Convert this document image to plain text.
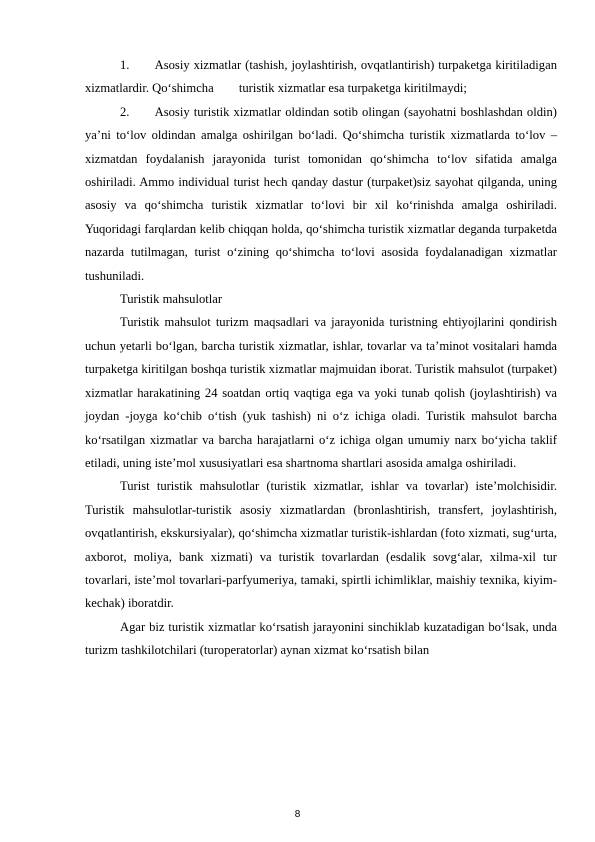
1.  Asosiy xizmatlar (tashish, joylashtirish, ovqatlantirish) turpaketga kiritiladigan xizmatlardir. Qo‘shimcha  turistik xizmatlar esa turpaketga kiritilmaydi;

2.  Asosiy turistik xizmatlar oldindan sotib olingan (sayohatni boshlashdan oldin) ya’ni to‘lov oldindan amalga oshirilgan bo‘ladi. Qo‘shimcha turistik xizmatlarda to‘lov – xizmatdan foydalanish jarayonida turist tomonidan qo‘shimcha to‘lov sifatida amalga oshiriladi. Ammo individual turist hech qanday dastur (turpaket)siz sayohat qilganda, uning asosiy va qo‘shimcha turistik xizmatlar to‘lovi bir xil ko‘rinishda amalga oshiriladi. Yuqoridagi farqlardan kelib chiqqan holda, qo‘shimcha turistik xizmatlar deganda turpaketda nazarda tutilmagan, turist o‘zining qo‘shimcha to‘lovi asosida foydalanadigan xizmatlar tushuniladi.

Turistik mahsulotlar

Turistik mahsulot turizm maqsadlari va jarayonida turistning ehtiyojlarini qondirish uchun yetarli bo‘lgan, barcha turistik xizmatlar, ishlar, tovarlar va ta’minot vositalari hamda turpaketga kiritilgan boshqa turistik xizmatlar majmuidan iborat. Turistik mahsulot (turpaket) xizmatlar harakatining 24 soatdan ortiq vaqtiga ega va yoki tunab qolish (joylashtirish) va joydan -joyga ko‘chib o‘tish (yuk tashish) ni o‘z ichiga oladi. Turistik mahsulot barcha ko‘rsatilgan xizmatlar va barcha harajatlarni o‘z ichiga olgan umumiy narx bo‘yicha taklif etiladi, uning iste’mol xususiyatlari esa shartnoma shartlari asosida amalga oshiriladi.

Turist turistik mahsulotlar (turistik xizmatlar, ishlar va tovarlar) iste’molchisidir. Turistik mahsulotlar-turistik asosiy xizmatlardan (bronlashtirish, transfert, joylashtirish, ovqatlantirish, ekskursiyalar), qo‘shimcha xizmatlar turistik-ishlardan (foto xizmati, sug‘urta, axborot, moliya, bank xizmati) va turistik tovarlardan (esdalik sovg‘alar, xilma-xil tur tovarlari, iste’mol tovarlari-parfyumeriya, tamaki, spirtli ichimliklar, maishiy texnika, kiyim-kechak) iboratdir.

Agar biz turistik xizmatlar ko‘rsatish jarayonini sinchiklab kuzatadigan bo‘lsak, unda turizm tashkilotchilari (turoperatorlar) aynan xizmat ko‘rsatish bilan

8
